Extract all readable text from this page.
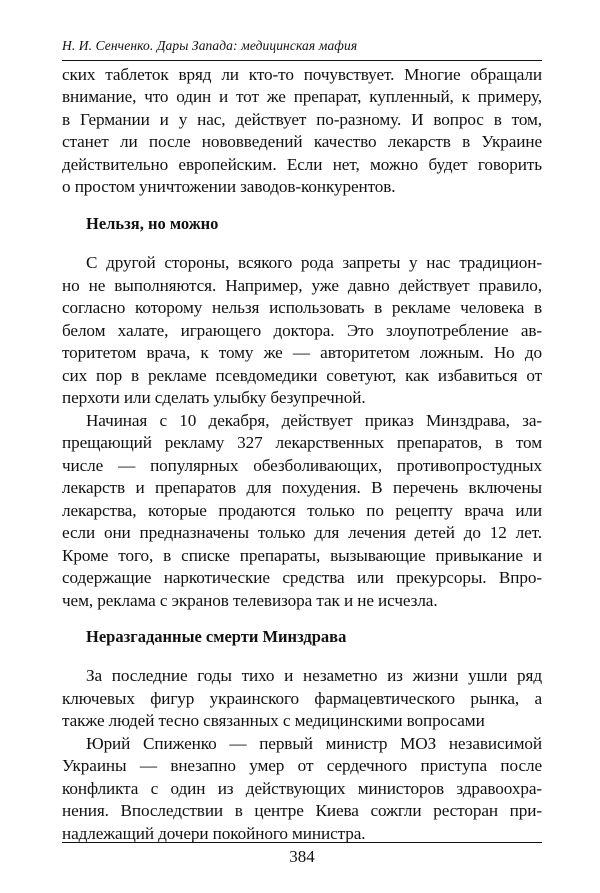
Н. И. Сенченко. Дары Запада: медицинская мафия
ских таблеток вряд ли кто-то почувствует. Многие обращали
внимание, что один и тот же препарат, купленный, к примеру,
в Германии и у нас, действует по-разному. И вопрос в том,
станет ли после нововведений качество лекарств в Украине
действительно европейским. Если нет, можно будет говорить
о простом уничтожении заводов-конкурентов.
Нельзя, но можно
С другой стороны, всякого рода запреты у нас традицион-
но не выполняются. Например, уже давно действует правило,
согласно которому нельзя использовать в рекламе человека в
белом халате, играющего доктора. Это злоупотребление ав-
торитетом врача, к тому же — авторитетом ложным. Но до
сих пор в рекламе псевдомедики советуют, как избавиться от
перхоти или сделать улыбку безупречной.
Начиная с 10 декабря, действует приказ Минздрава, за-
прещающий рекламу 327 лекарственных препаратов, в том
числе — популярных обезболивающих, противопростудных
лекарств и препаратов для похудения. В перечень включены
лекарства, которые продаются только по рецепту врача или
если они предназначены только для лечения детей до 12 лет.
Кроме того, в списке препараты, вызывающие привыкание и
содержащие наркотические средства или прекурсоры. Впро-
чем, реклама с экранов телевизора так и не исчезла.
Неразгаданные смерти Минздрава
За последние годы тихо и незаметно из жизни ушли ряд
ключевых фигур украинского фармацевтического рынка, а
также людей тесно связанных с медицинскими вопросами
Юрий Спиженко — первый министр МОЗ независимой
Украины — внезапно умер от сердечного приступа после
конфликта с один из действующих министоров здравоохра-
нения. Впоследствии в центре Киева сожгли ресторан при-
надлежащий дочери покойного министра.
384
